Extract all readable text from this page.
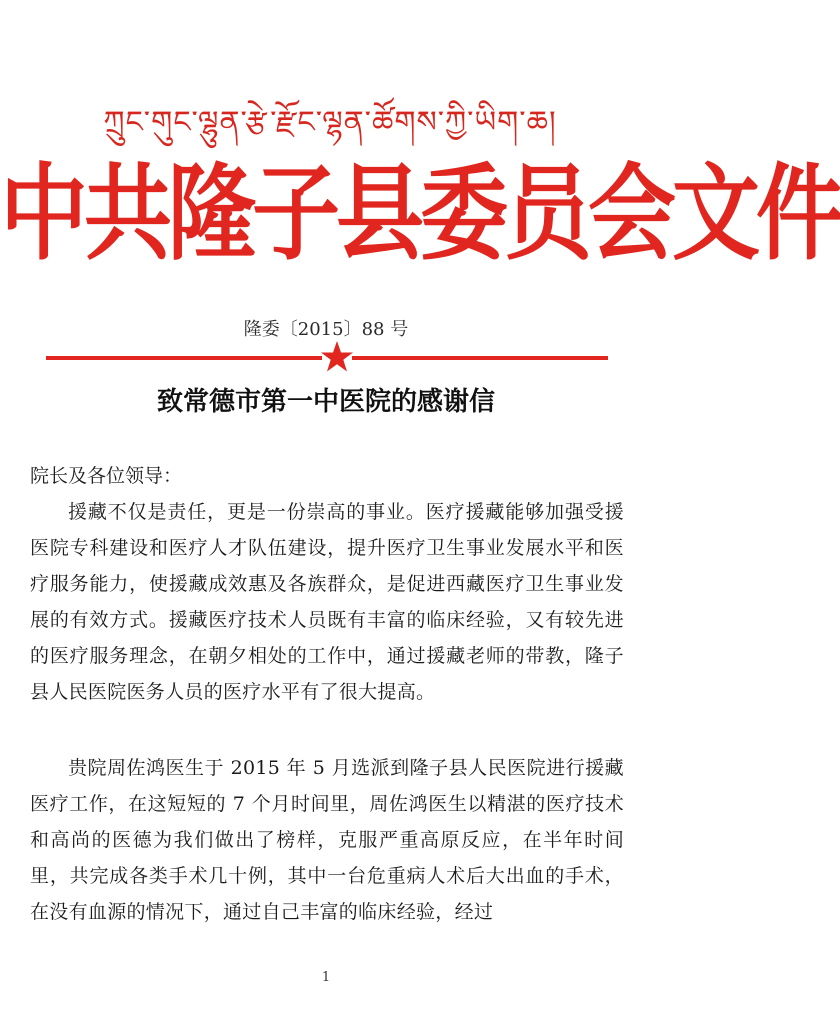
ཀྲུང་གུང་ལྷུན་རྩེ་རྫོང་ལྷན་ཚོགས་ཀྱི་ཡིག་ཆ།
中共隆子县委员会文件
隆委〔2015〕88 号
致常德市第一中医院的感谢信
院长及各位领导：
援藏不仅是责任，更是一份崇高的事业。医疗援藏能够加强受援医院专科建设和医疗人才队伍建设，提升医疗卫生事业发展水平和医疗服务能力，使援藏成效惠及各族群众，是促进西藏医疗卫生事业发展的有效方式。援藏医疗技术人员既有丰富的临床经验，又有较先进的医疗服务理念，在朝夕相处的工作中，通过援藏老师的带教，隆子县人民医院医务人员的医疗水平有了很大提高。
贵院周佐鸿医生于 2015 年 5 月选派到隆子县人民医院进行援藏医疗工作，在这短短的 7 个月时间里，周佐鸿医生以精湛的医疗技术和高尚的医德为我们做出了榜样，克服严重高原反应，在半年时间里，共完成各类手术几十例，其中一台危重病人术后大出血的手术，在没有血源的情况下，通过自己丰富的临床经验，经过
1
